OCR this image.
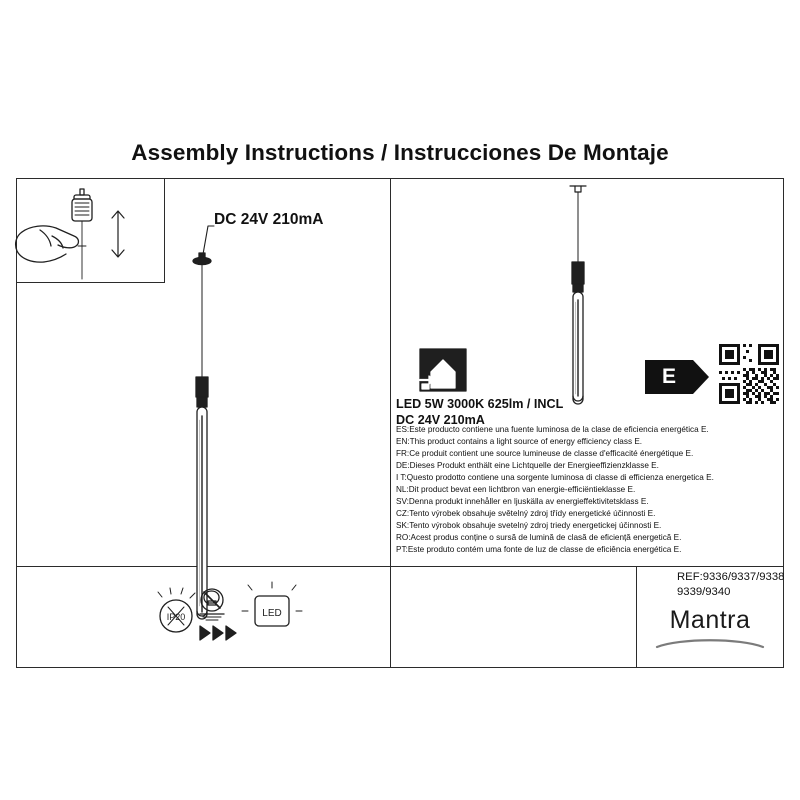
Assembly Instructions / Instrucciones De Montaje
DC 24V 210mA
LED 5W 3000K 625lm / INCL
DC 24V 210mA
ES:Este producto contiene una fuente luminosa de la clase de eficiencia energética E.
EN:This product contains a light source of energy efficiency class E.
FR:Ce produit contient une source lumineuse de classe d'efficacité énergétique E.
DE:Dieses Produkt enthält eine Lichtquelle der Energieeffizienzklasse E.
I T:Questo prodotto contiene una sorgente luminosa di classe di efficienza energetica E.
NL:Dit product bevat een lichtbron van energie-efficiëntieklasse E.
SV:Denna produkt innehåller en ljuskälla av energieffektivitetsklass E.
CZ:Tento výrobek obsahuje světelný zdroj třídy energetické účinnosti E.
SK:Tento výrobok obsahuje svetelný zdroj triedy energetickej účinnosti E.
RO:Acest produs conține o sursă de lumină de clasă de eficiență energetică E.
PT:Este produto contém uma fonte de luz de classe de eficiência energética E.
E
REF:9336/9337/9338
9339/9340
Mantra
IP20	LED
